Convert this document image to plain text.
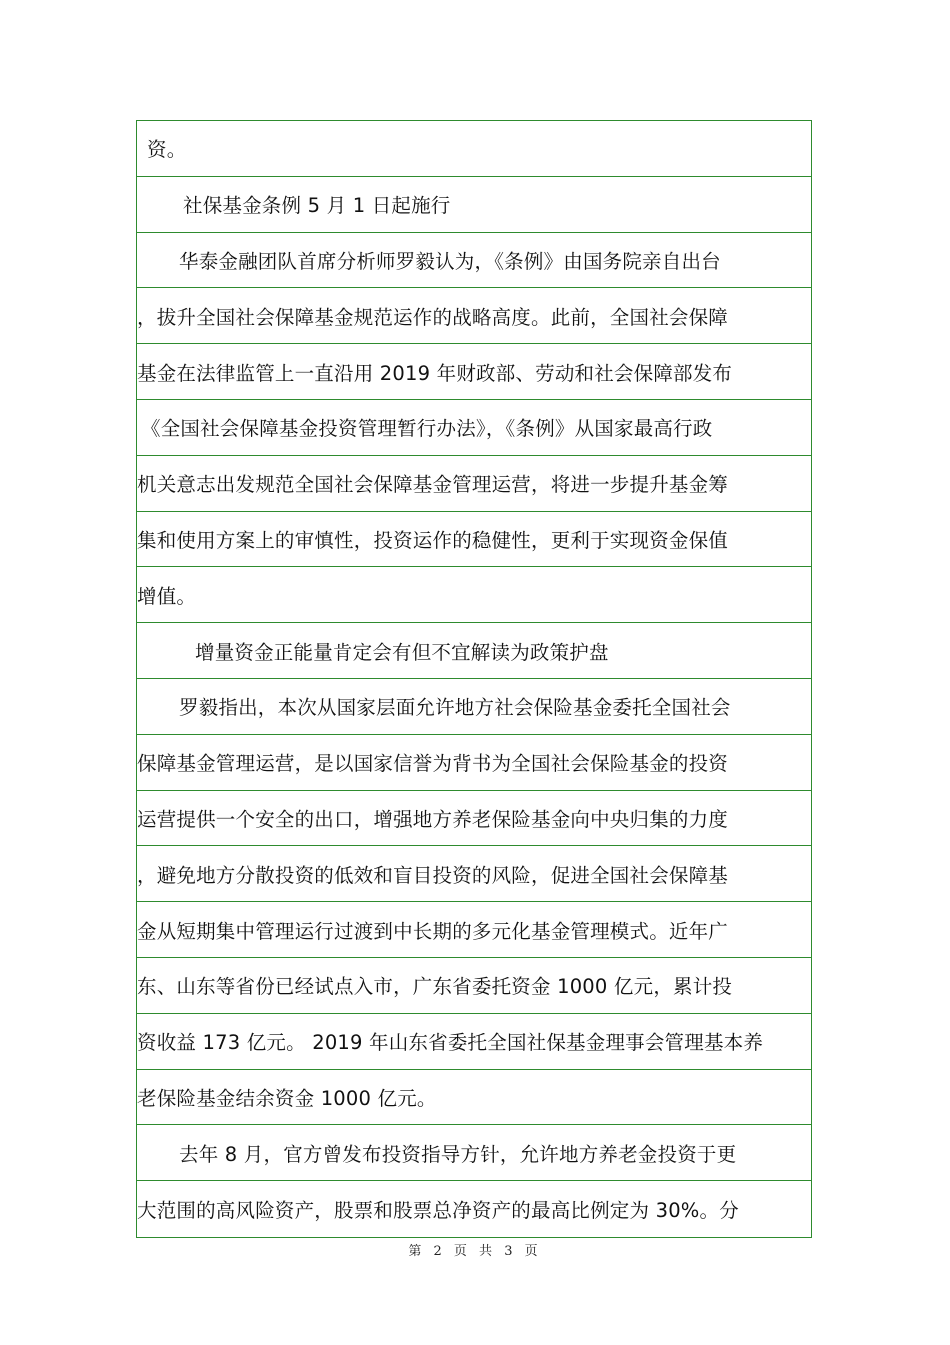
资。
社保基金条例 5 月 1 日起施行
华泰金融团队首席分析师罗毅认为，《条例》由国务院亲自出台
，拔升全国社会保障基金规范运作的战略高度。此前，全国社会保障
基金在法律监管上一直沿用 2019 年财政部、劳动和社会保障部发布
《全国社会保障基金投资管理暂行办法》，《条例》从国家最高行政
机关意志出发规范全国社会保障基金管理运营，将进一步提升基金筹
集和使用方案上的审慎性，投资运作的稳健性，更利于实现资金保值
增值。
增量资金正能量肯定会有但不宜解读为政策护盘
罗毅指出，本次从国家层面允许地方社会保险基金委托全国社会
保障基金管理运营，是以国家信誉为背书为全国社会保险基金的投资
运营提供一个安全的出口，增强地方养老保险基金向中央归集的力度
，避免地方分散投资的低效和盲目投资的风险，促进全国社会保障基
金从短期集中管理运行过渡到中长期的多元化基金管理模式。近年广
东、山东等省份已经试点入市，广东省委托资金 1000 亿元，累计投
资收益 173 亿元。 2019 年山东省委托全国社保基金理事会管理基本养
老保险基金结余资金 1000 亿元。
去年 8 月，官方曾发布投资指导方针，允许地方养老金投资于更
大范围的高风险资产，股票和股票总净资产的最高比例定为 30%。分
第 2 页 共 3 页
